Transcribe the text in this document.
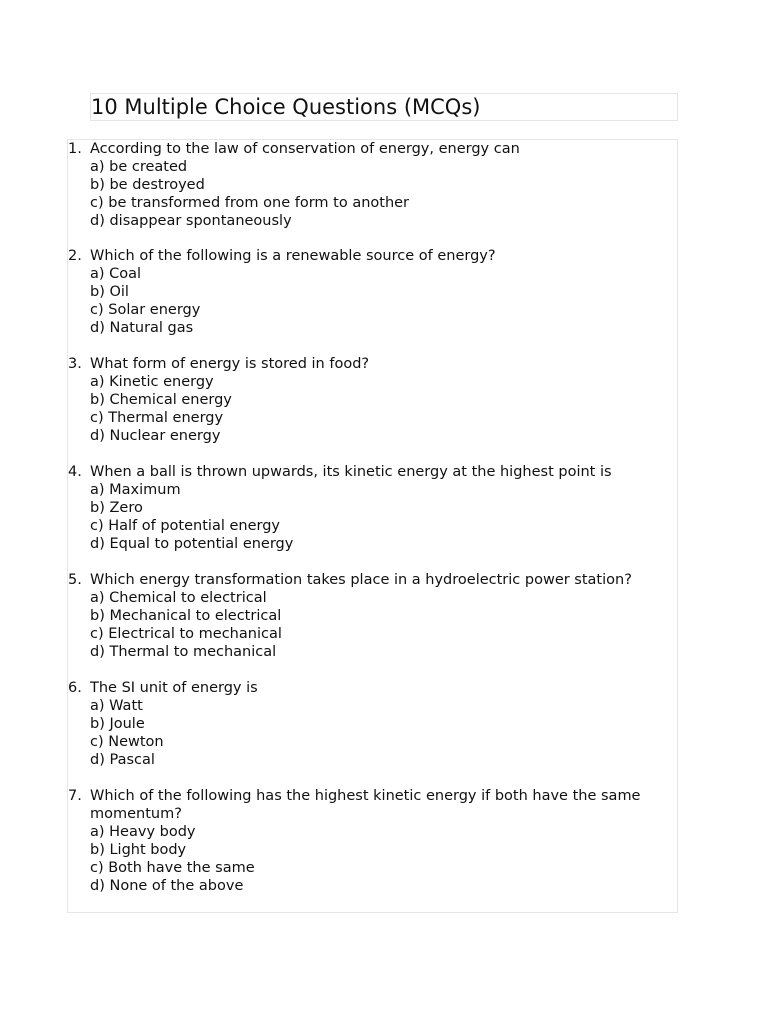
10 Multiple Choice Questions (MCQs)
1. According to the law of conservation of energy, energy can
a) be created
b) be destroyed
c) be transformed from one form to another
d) disappear spontaneously
2. Which of the following is a renewable source of energy?
a) Coal
b) Oil
c) Solar energy
d) Natural gas
3. What form of energy is stored in food?
a) Kinetic energy
b) Chemical energy
c) Thermal energy
d) Nuclear energy
4. When a ball is thrown upwards, its kinetic energy at the highest point is
a) Maximum
b) Zero
c) Half of potential energy
d) Equal to potential energy
5. Which energy transformation takes place in a hydroelectric power station?
a) Chemical to electrical
b) Mechanical to electrical
c) Electrical to mechanical
d) Thermal to mechanical
6. The SI unit of energy is
a) Watt
b) Joule
c) Newton
d) Pascal
7. Which of the following has the highest kinetic energy if both have the same momentum?
a) Heavy body
b) Light body
c) Both have the same
d) None of the above
